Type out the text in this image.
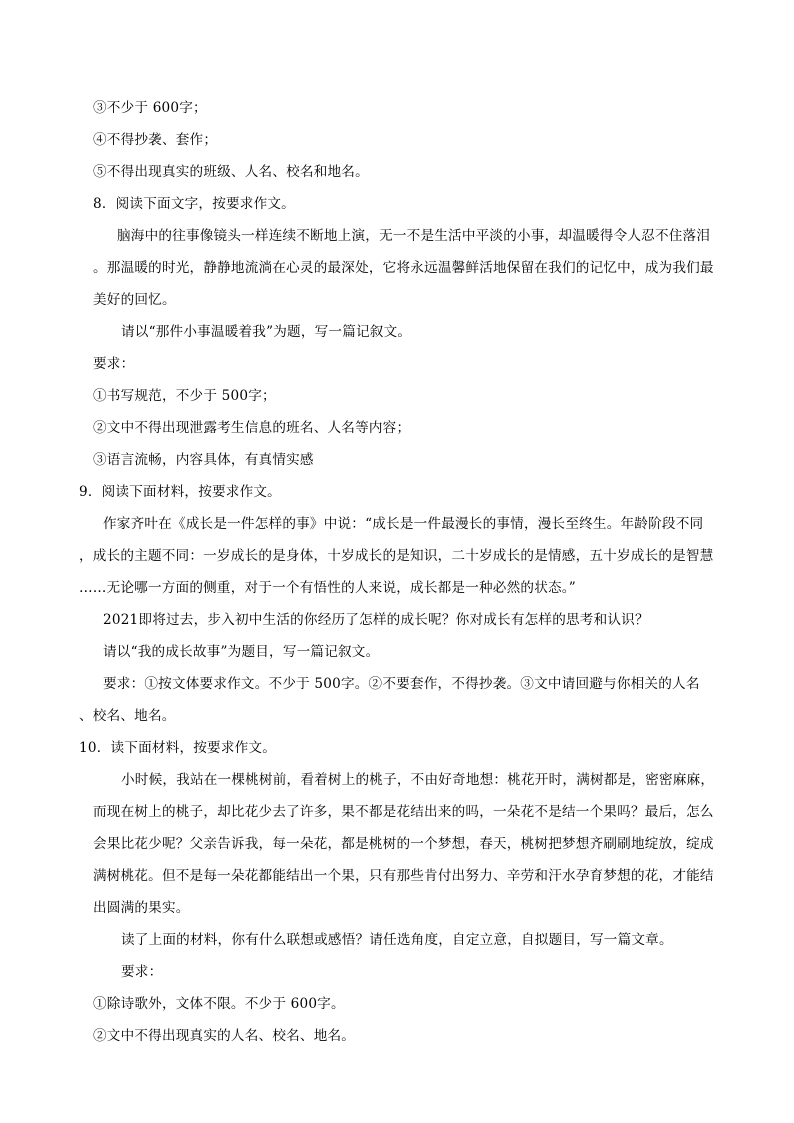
③不少于 600字；
④不得抄袭、套作；
⑤不得出现真实的班级、人名、校名和地名。
8．阅读下面文字，按要求作文。
脑海中的往事像镜头一样连续不断地上演，无一不是生活中平淡的小事，却温暖得令人忍不住落泪
。那温暖的时光，静静地流淌在心灵的最深处，它将永远温馨鲜活地保留在我们的记忆中，成为我们最
美好的回忆。
请以“那件小事温暖着我”为题，写一篇记叙文。
要求：
①书写规范，不少于 500字；
②文中不得出现泄露考生信息的班名、人名等内容；
③语言流畅，内容具体，有真情实感
9．阅读下面材料，按要求作文。
作家齐叶在《成长是一件怎样的事》中说：“成长是一件最漫长的事情，漫长至终生。年龄阶段不同
，成长的主题不同：一岁成长的是身体，十岁成长的是知识，二十岁成长的是情感，五十岁成长的是智慧
……无论哪一方面的侧重，对于一个有悟性的人来说，成长都是一种必然的状态。”
2021即将过去，步入初中生活的你经历了怎样的成长呢？你对成长有怎样的思考和认识？
请以“我的成长故事”为题目，写一篇记叙文。
要求：①按文体要求作文。不少于 500字。②不要套作，不得抄袭。③文中请回避与你相关的人名
、校名、地名。
10．读下面材料，按要求作文。
小时候，我站在一棵桃树前，看着树上的桃子，不由好奇地想：桃花开时，满树都是，密密麻麻，
而现在树上的桃子，却比花少去了许多，果不都是花结出来的吗，一朵花不是结一个果吗？最后，怎么
会果比花少呢？父亲告诉我，每一朵花，都是桃树的一个梦想，春天，桃树把梦想齐刷刷地绽放，绽成
满树桃花。但不是每一朵花都能结出一个果，只有那些肯付出努力、辛劳和汗水孕育梦想的花，才能结
出圆满的果实。
读了上面的材料，你有什么联想或感悟？请任选角度，自定立意，自拟题目，写一篇文章。
要求：
①除诗歌外，文体不限。不少于 600字。
②文中不得出现真实的人名、校名、地名。
